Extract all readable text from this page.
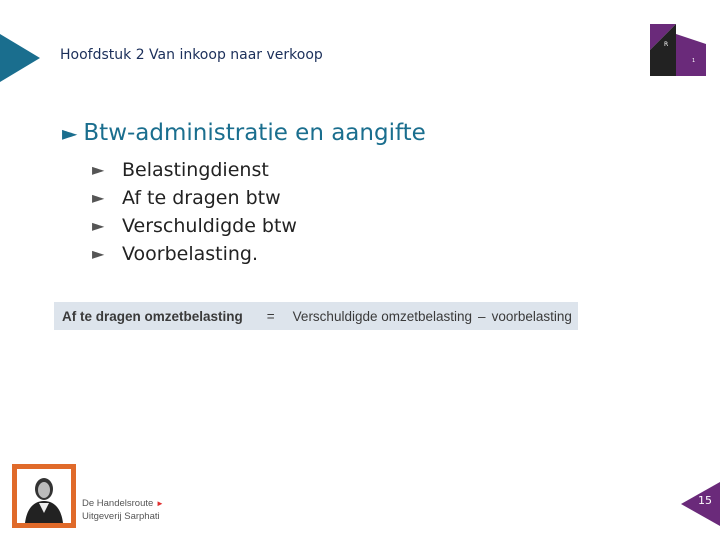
Hoofdstuk 2 Van inkoop naar verkoop
R
1
► Btw-administratie en aangifte
► Belastingdienst
► Af te dragen btw
► Verschuldigde btw
► Voorbelasting.
Af te dragen omzetbelasting = Verschuldigde omzetbelasting – voorbelasting
De Handelsroute ►
Uitgeverij Sarphati
15
